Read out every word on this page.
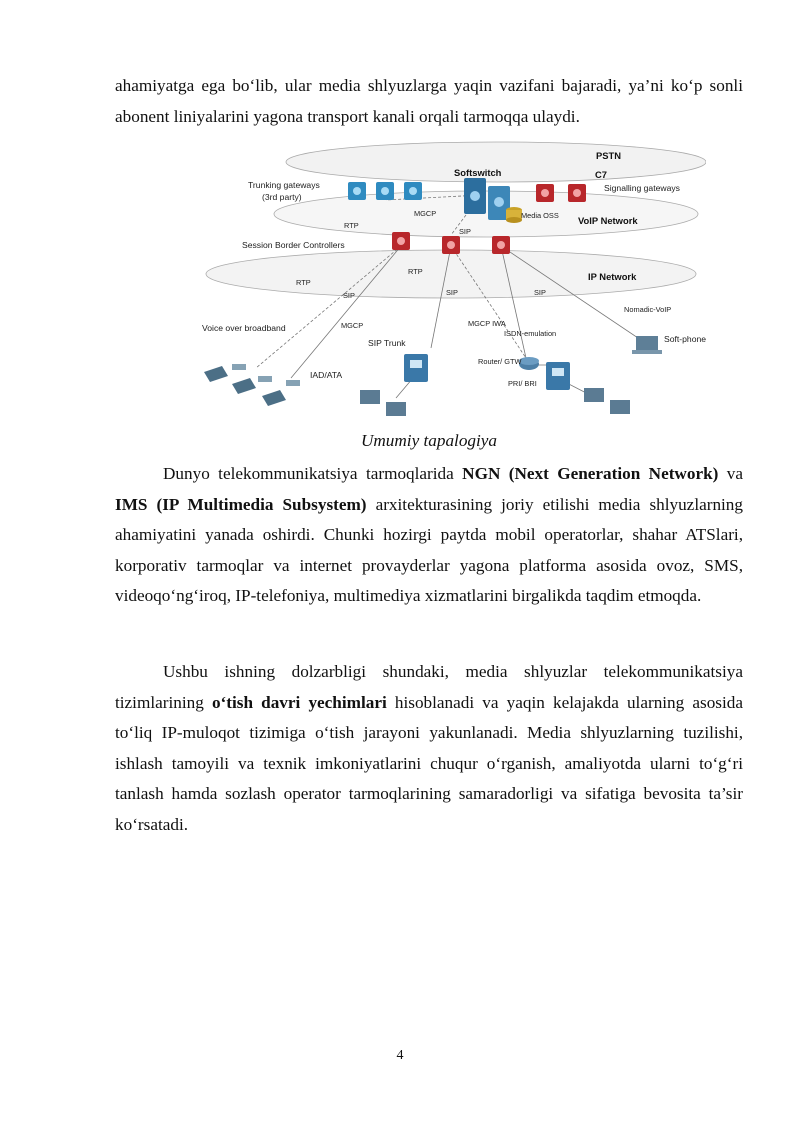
ahamiyatga ega bo‘lib, ular media shlyuzlarga yaqin vazifani bajaradi, ya’ni ko‘p sonli abonent liniyalarini yagona transport kanali orqali tarmoqqa ulaydi.

PSTN
C7
Signalling gateways
Softswitch
Trunking gateways
(3rd party)
VoIP Network
Media OSS
MGCP
SIP
RTP
Session Border Controllers
RTP
RTP
IP Network
SIP	SIP	SIP
Nomadic-VoIP
Voice over broadband	MGCP
IAD/ATA
SIP Trunk
MGCP IWA
ISDN-emulation
Soft-phone
Router/ GTW
PRI/ BRI
Umumiy tapalogiya

Dunyo telekommunikatsiya tarmoqlarida NGN (Next Generation Network) va IMS (IP Multimedia Subsystem) arxitekturasining joriy etilishi media shlyuzlarning ahamiyatini yanada oshirdi. Chunki hozirgi paytda mobil operatorlar, shahar ATSlari, korporativ tarmoqlar va internet provayderlar yagona platforma asosida ovoz, SMS, videoqo‘ng‘iroq, IP-telefoniya, multimediya xizmatlarini birgalikda taqdim etmoqda.

Ushbu ishning dolzarbligi shundaki, media shlyuzlar telekommunikatsiya tizimlarining o‘tish davri yechimlari hisoblanadi va yaqin kelajakda ularning asosida to‘liq IP-muloqot tizimiga o‘tish jarayoni yakunlanadi. Media shlyuzlarning tuzilishi, ishlash tamoyili va texnik imkoniyatlarini chuqur o‘rganish, amaliyotda ularni to‘g‘ri tanlash hamda sozlash operator tarmoqlarining samaradorligi va sifatiga bevosita ta’sir ko‘rsatadi.

4
